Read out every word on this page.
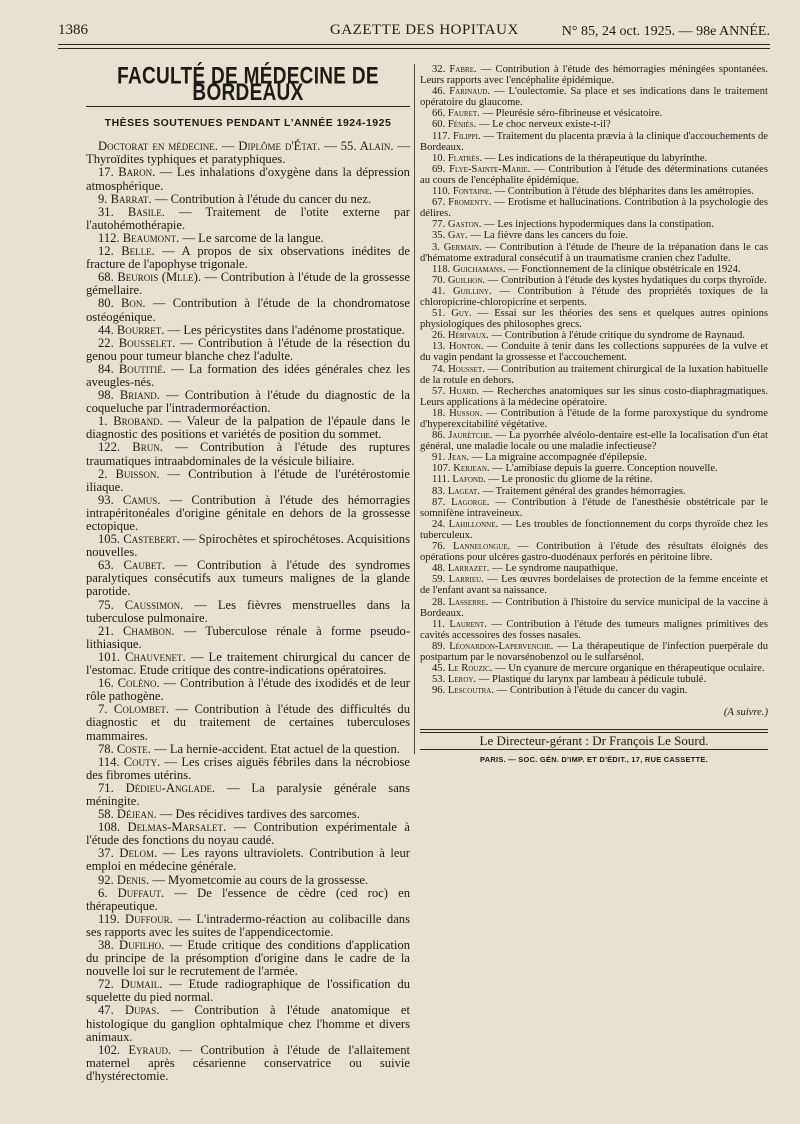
1386	GAZETTE DES HOPITAUX	N° 85, 24 oct. 1925. — 98e ANNÉE.
FACULTÉ DE MÉDECINE DE BORDEAUX
THÈSES SOUTENUES PENDANT L'ANNÉE 1924-1925

Doctorat en médecine. — Diplôme d'État. — 55. Alain. — Thyroïdites typhiques et paratyphiques.

17. Baron. — Les inhalations d'oxygène dans la dépression atmosphérique.

9. Barrat. — Contribution à l'étude du cancer du nez.

31. Basile. — Traitement de l'otite externe par l'autohémothérapie.

112. Beaumont. — Le sarcome de la langue.

12. Belle. — A propos de six observations inédites de fracture de l'apophyse trigonale.

68. Beurois (Mlle). — Contribution à l'étude de la grossesse gémellaire.

80. Bon. — Contribution à l'étude de la chondromatose ostéogénique.

44. Bourret. — Les péricystites dans l'adénome prostatique.

22. Bousselet. — Contribution à l'étude de la résection du genou pour tumeur blanche chez l'adulte.

84. Boutitié. — La formation des idées générales chez les aveugles-nés.

98. Briand. — Contribution à l'étude du diagnostic de la coqueluche par l'intradermoréaction.

1. Broband. — Valeur de la palpation de l'épaule dans le diagnostic des positions et variétés de position du sommet.

122. Brun. — Contribution à l'étude des ruptures traumatiques intraabdominales de la vésicule biliaire.

2. Buisson. — Contribution à l'étude de l'urétérostomie iliaque.

93. Camus. — Contribution à l'étude des hémorragies intrapéritonéales d'origine génitale en dehors de la grossesse ectopique.

105. Castebert. — Spirochètes et spirochétoses. Acquisitions nouvelles.

63. Caubet. — Contribution à l'étude des syndromes paralytiques consécutifs aux tumeurs malignes de la glande parotide.

75. Caussimon. — Les fièvres menstruelles dans la tuberculose pulmonaire.

21. Chambon. — Tuberculose rénale à forme pseudo-lithiasique.

101. Chauvenet. — Le traitement chirurgical du cancer de l'estomac. Etude critique des contre-indications opératoires.

16. Coléno. — Contribution à l'étude des ixodidés et de leur rôle pathogène.

7. Colombet. — Contribution à l'étude des difficultés du diagnostic et du traitement de certaines tuberculoses mammaires.

78. Coste. — La hernie-accident. Etat actuel de la question.

114. Couty. — Les crises aiguës fébriles dans la nécrobiose des fibromes utérins.

71. Dédieu-Anglade. — La paralysie générale sans méningite.

58. Déjean. — Des récidives tardives des sarcomes.

108. Delmas-Marsalet. — Contribution expérimentale à l'étude des fonctions du noyau caudé.

37. Delom. — Les rayons ultraviolets. Contribution à leur emploi en médecine générale.

92. Denis. — Myometcomie au cours de la grossesse.

6. Duffaut. — De l'essence de cèdre (ced roc) en thérapeutique.

119. Duffour. — L'intradermo-réaction au colibacille dans ses rapports avec les suites de l'appendicectomie.

38. Dufilho. — Etude critique des conditions d'application du principe de la présomption d'origine dans le cadre de la nouvelle loi sur le recrutement de l'armée.

72. Dumail. — Etude radiographique de l'ossification du squelette du pied normal.

47. Dupas. — Contribution à l'étude anatomique et histologique du ganglion ophtalmique chez l'homme et divers animaux.

102. Eyraud. — Contribution à l'étude de l'allaitement maternel après césarienne conservatrice ou suivie d'hystérectomie.

32. Fabre. — Contribution à l'étude des hémorragies méningées spontanées. Leurs rapports avec l'encéphalite épidémique.

46. Farinaud. — L'oulectomie. Sa place et ses indications dans le traitement opératoire du glaucome.

66. Fauret. — Pleurésie séro-fibrineuse et vésicatoire.

60. Féniès. — Le choc nerveux existe-t-il?

117. Filippi. — Traitement du placenta prævia à la clinique d'accouchements de Bordeaux.

10. Flatrès. — Les indications de la thérapeutique du labyrinthe.

69. Flye-Sainte-Marie. — Contribution à l'étude des déterminations cutanées au cours de l'encéphalite épidémique.

110. Fontaine. — Contribution à l'étude des blépharites dans les amétropies.

67. Fromenty. — Erotisme et hallucinations. Contribution à la psychologie des délires.

77. Gaston. — Les injections hypodermiques dans la constipation.

35. Gay. — La fièvre dans les cancers du foie.

3. Germain. — Contribution à l'étude de l'heure de la trépanation dans le cas d'hématome extradural consécutif à un traumatisme cranien chez l'adulte.

118. Guichamans. — Fonctionnement de la clinique obstétricale en 1924.

70. Guilhon. — Contribution à l'étude des kystes hydatiques du corps thyroïde.

41. Guilliny. — Contribution à l'étude des propriétés toxiques de la chloropicrine-chloropicrine et serpents.

51. Guy. — Essai sur les théories des sens et quelques autres opinions physiologiques des philosophes grecs.

26. Hérivaux. — Contribution à l'étude critique du syndrome de Raynaud.

13. Honton. — Conduite à tenir dans les collections suppurées de la vulve et du vagin pendant la grossesse et l'accouchement.

74. Housset. — Contribution au traitement chirurgical de la luxation habituelle de la rotule en dehors.

57. Huard. — Recherches anatomiques sur les sinus costo-diaphragmatiques. Leurs applications à la médecine opératoire.

18. Husson. — Contribution à l'étude de la forme paroxystique du syndrome d'hyperexcitabilité végétative.

86. Jaurètche. — La pyorrhée alvéolo-dentaire est-elle la localisation d'un état général, une maladie locale ou une maladie infectieuse?

91. Jean. — La migraine accompagnée d'épilepsie.

107. Kerjean. — L'amibiase depuis la guerre. Conception nouvelle.

111. Lafond. — Le pronostic du gliome de la rétine.

83. Lageat. — Traitement général des grandes hémorragies.

87. Lagorge. — Contribution à l'étude de l'anesthésie obstétricale par le somnifène intraveineux.

24. Lahillonne. — Les troubles de fonctionnement du corps thyroïde chez les tuberculeux.

76. Lannelongue. — Contribution à l'étude des résultats éloignés des opérations pour ulcères gastro-duodénaux perforés en péritoine libre.

48. Larrazet. — Le syndrome naupathique.

59. Larrieu. — Les œuvres bordelaises de protection de la femme enceinte et de l'enfant avant sa naissance.

28. Lasserre. — Contribution à l'histoire du service municipal de la vaccine à Bordeaux.

11. Laurent. — Contribution à l'étude des tumeurs malignes primitives des cavités accessoires des fosses nasales.

89. Léonardon-Lapervenche. — La thérapeutique de l'infection puerpérale du postpartum par le novarsénobenzol ou le sulfarsénol.

45. Le Rouzic. — Un cyanure de mercure organique en thérapeutique oculaire.

53. Leroy. — Plastique du larynx par lambeau à pédicule tubulé.

96. Lescoutra. — Contribution à l'étude du cancer du vagin.

(A suivre.)

Le Directeur-gérant : Dr François Le Sourd.
PARIS. — SOC. GÉN. D'IMP. ET D'ÉDIT., 17, RUE CASSETTE.
